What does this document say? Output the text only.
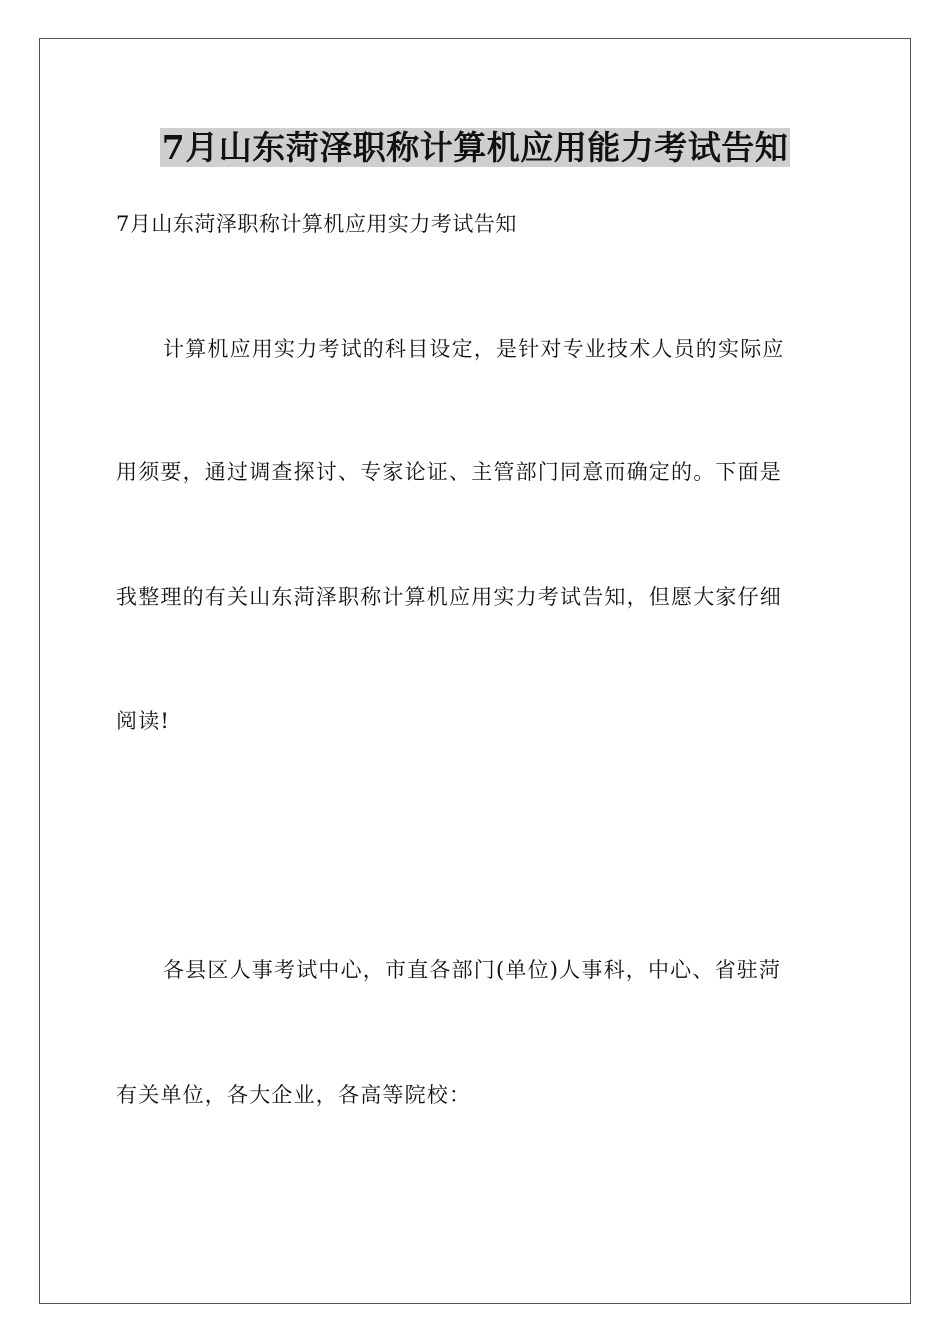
7月山东菏泽职称计算机应用能力考试告知

7月山东菏泽职称计算机应用实力考试告知

计算机应用实力考试的科目设定，是针对专业技术人员的实际应

用须要，通过调查探讨、专家论证、主管部门同意而确定的。下面是

我整理的有关山东菏泽职称计算机应用实力考试告知，但愿大家仔细

阅读!

各县区人事考试中心，市直各部门(单位)人事科，中心、省驻菏

有关单位，各大企业，各高等院校：
